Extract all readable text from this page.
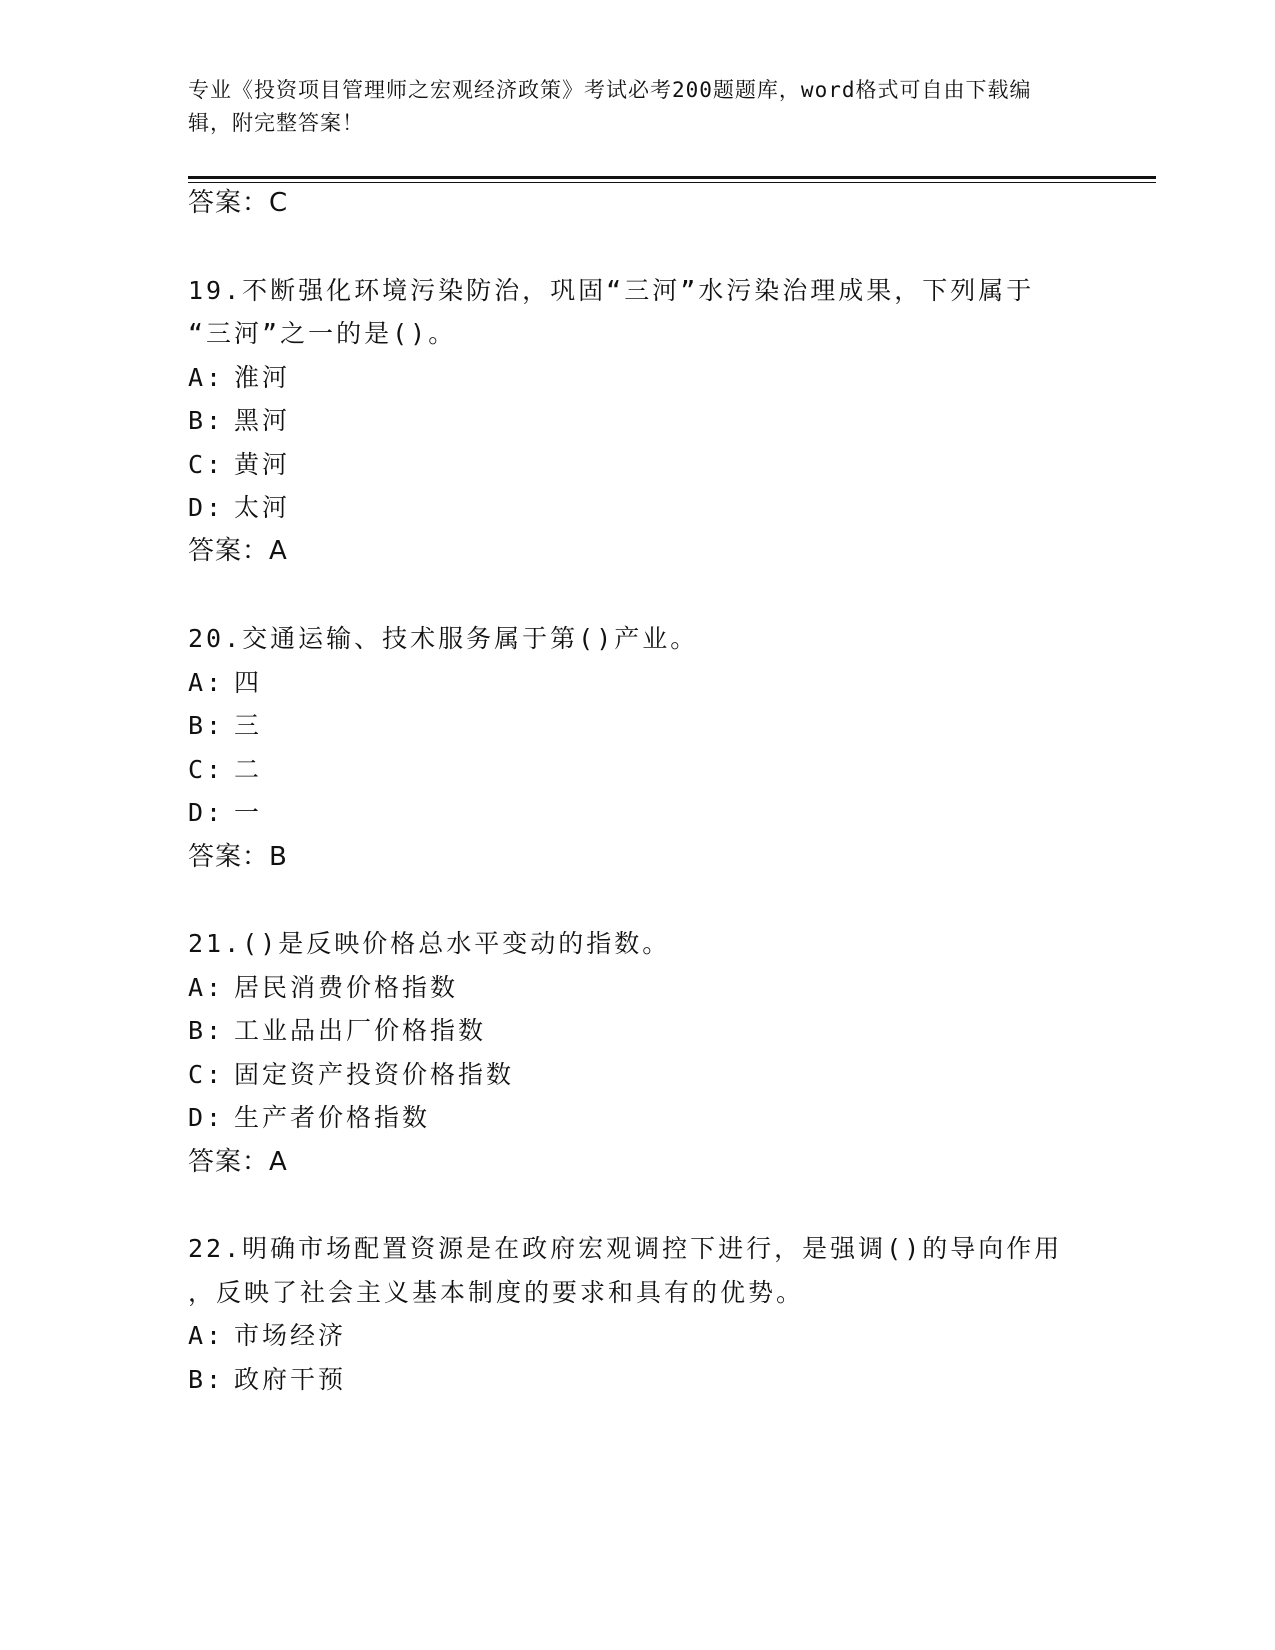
专业《投资项目管理师之宏观经济政策》考试必考200题题库，word格式可自由下载编辑，附完整答案！
答案：C
19.不断强化环境污染防治，巩固“三河”水污染治理成果，下列属于
“三河”之一的是()。
A: 淮河
B: 黑河
C: 黄河
D: 太河
答案：A
20.交通运输、技术服务属于第()产业。
A: 四
B: 三
C: 二
D: 一
答案：B
21.()是反映价格总水平变动的指数。
A: 居民消费价格指数
B: 工业品出厂价格指数
C: 固定资产投资价格指数
D: 生产者价格指数
答案：A
22.明确市场配置资源是在政府宏观调控下进行，是强调()的导向作用
，反映了社会主义基本制度的要求和具有的优势。
A: 市场经济
B: 政府干预
